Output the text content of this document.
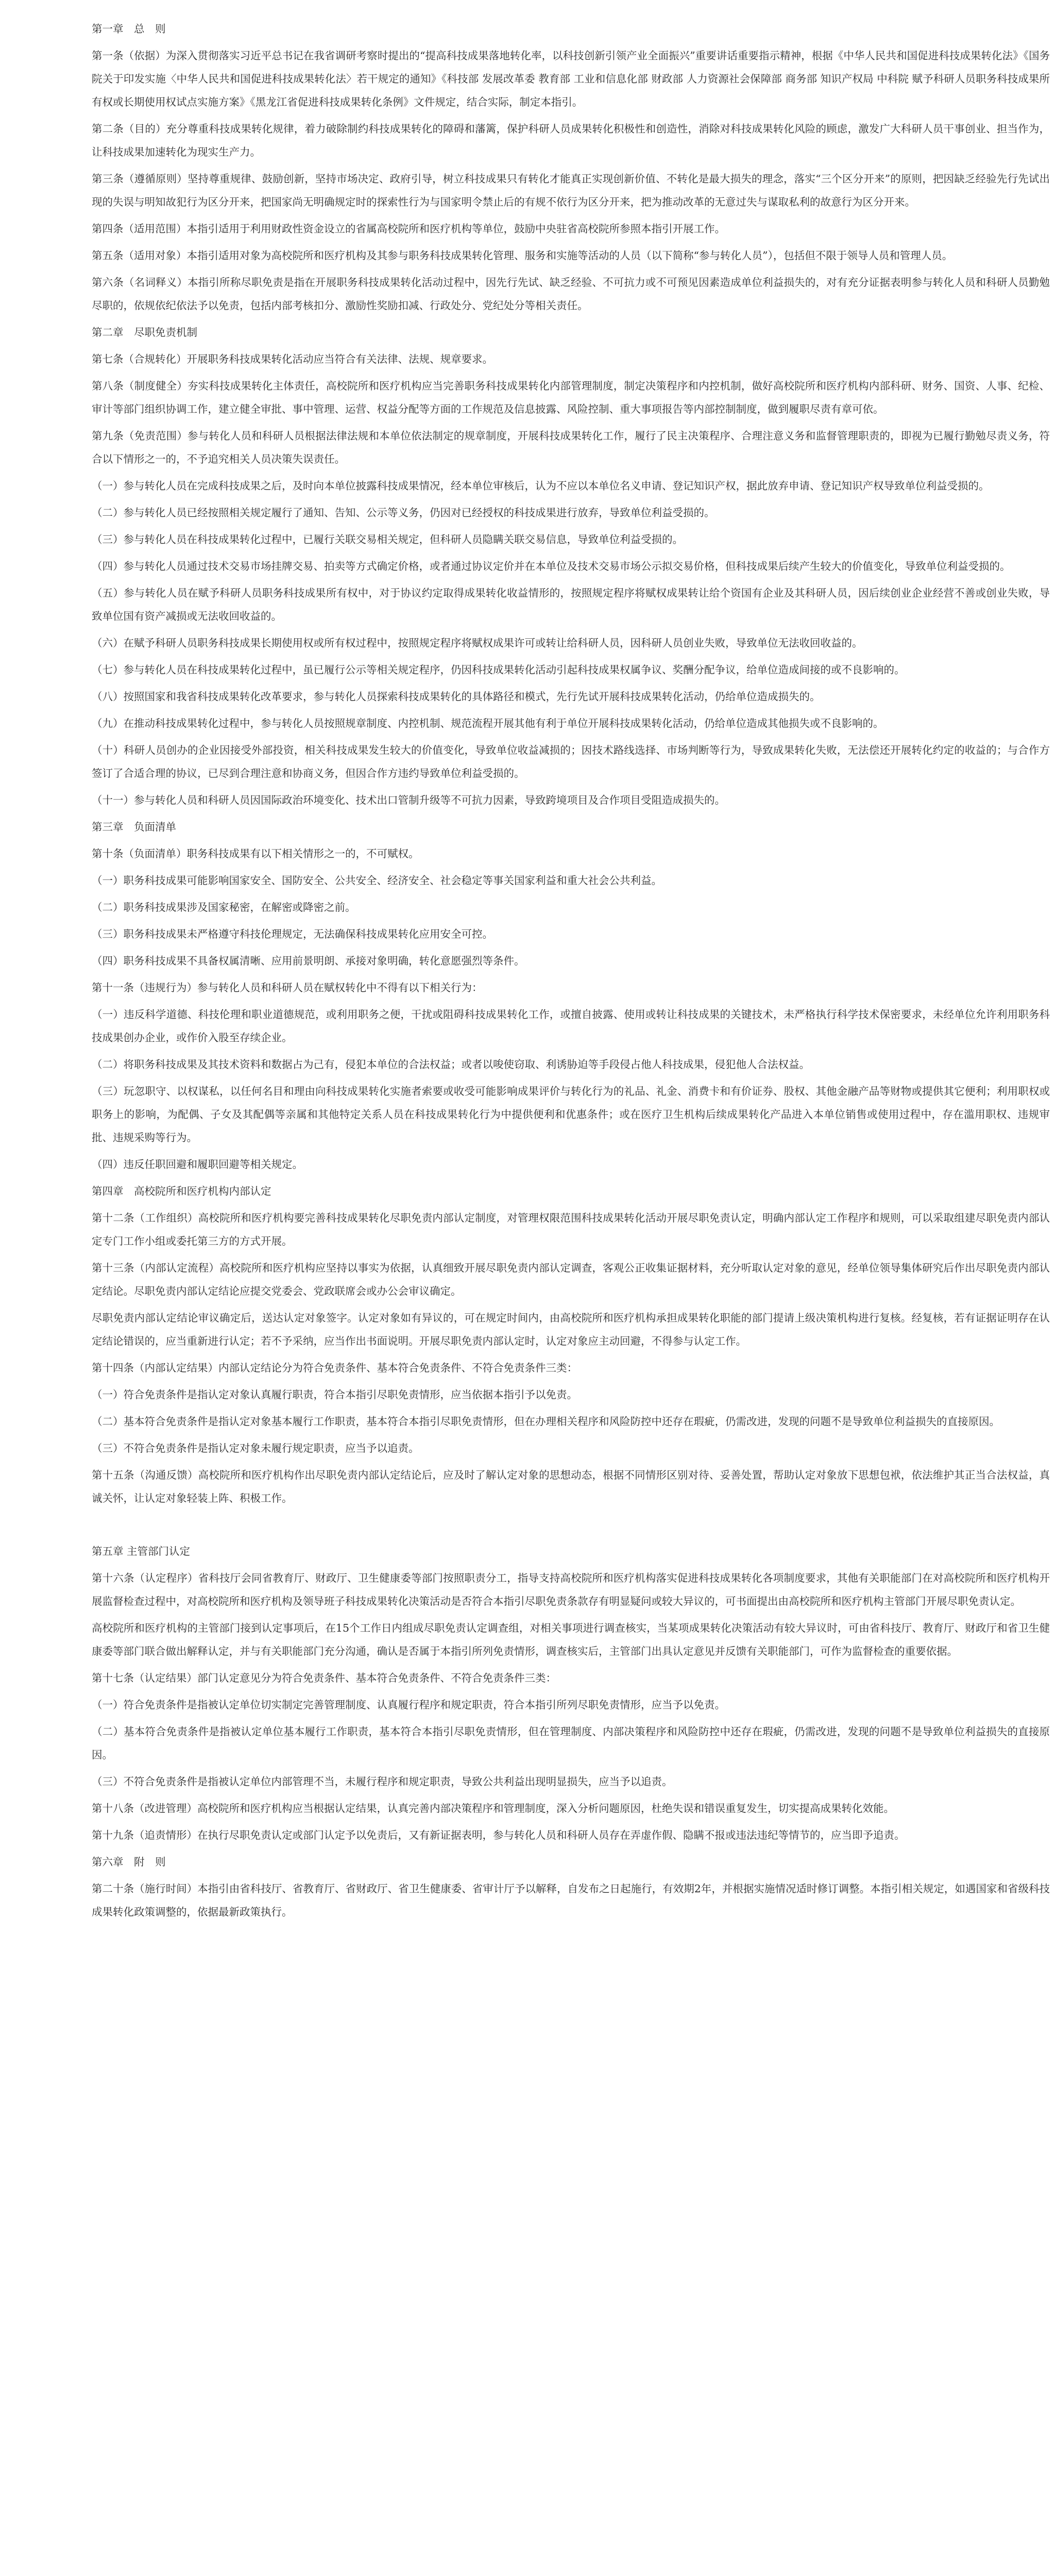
第一章　总　则

第一条（依据）为深入贯彻落实习近平总书记在我省调研考察时提出的“提高科技成果落地转化率，以科技创新引领产业全面振兴”重要讲话重要指示精神，根据《中华人民共和国促进科技成果转化法》《国务院关于印发实施〈中华人民共和国促进科技成果转化法〉若干规定的通知》《科技部 发展改革委 教育部 工业和信息化部 财政部 人力资源社会保障部 商务部 知识产权局 中科院 赋予科研人员职务科技成果所有权或长期使用权试点实施方案》《黑龙江省促进科技成果转化条例》文件规定，结合实际，制定本指引。

第二条（目的）充分尊重科技成果转化规律，着力破除制约科技成果转化的障碍和藩篱，保护科研人员成果转化积极性和创造性，消除对科技成果转化风险的顾虑，激发广大科研人员干事创业、担当作为，让科技成果加速转化为现实生产力。

第三条（遵循原则）坚持尊重规律、鼓励创新，坚持市场决定、政府引导，树立科技成果只有转化才能真正实现创新价值、不转化是最大损失的理念，落实“三个区分开来”的原则，把因缺乏经验先行先试出现的失误与明知故犯行为区分开来，把国家尚无明确规定时的探索性行为与国家明令禁止后的有规不依行为区分开来，把为推动改革的无意过失与谋取私利的故意行为区分开来。

第四条（适用范围）本指引适用于利用财政性资金设立的省属高校院所和医疗机构等单位，鼓励中央驻省高校院所参照本指引开展工作。

第五条（适用对象）本指引适用对象为高校院所和医疗机构及其参与职务科技成果转化管理、服务和实施等活动的人员（以下简称“参与转化人员”），包括但不限于领导人员和管理人员。

第六条（名词释义）本指引所称尽职免责是指在开展职务科技成果转化活动过程中，因先行先试、缺乏经验、不可抗力或不可预见因素造成单位利益损失的，对有充分证据表明参与转化人员和科研人员勤勉尽职的，依规依纪依法予以免责，包括内部考核扣分、激励性奖励扣减、行政处分、党纪处分等相关责任。

第二章　尽职免责机制

第七条（合规转化）开展职务科技成果转化活动应当符合有关法律、法规、规章要求。

第八条（制度健全）夯实科技成果转化主体责任，高校院所和医疗机构应当完善职务科技成果转化内部管理制度，制定决策程序和内控机制，做好高校院所和医疗机构内部科研、财务、国资、人事、纪检、审计等部门组织协调工作，建立健全审批、事中管理、运营、权益分配等方面的工作规范及信息披露、风险控制、重大事项报告等内部控制制度，做到履职尽责有章可依。

第九条（免责范围）参与转化人员和科研人员根据法律法规和本单位依法制定的规章制度，开展科技成果转化工作，履行了民主决策程序、合理注意义务和监督管理职责的，即视为已履行勤勉尽责义务，符合以下情形之一的，不予追究相关人员决策失误责任。

（一）参与转化人员在完成科技成果之后，及时向本单位披露科技成果情况，经本单位审核后，认为不应以本单位名义申请、登记知识产权，据此放弃申请、登记知识产权导致单位利益受损的。

（二）参与转化人员已经按照相关规定履行了通知、告知、公示等义务，仍因对已经授权的科技成果进行放弃，导致单位利益受损的。

（三）参与转化人员在科技成果转化过程中，已履行关联交易相关规定，但科研人员隐瞒关联交易信息，导致单位利益受损的。

（四）参与转化人员通过技术交易市场挂牌交易、拍卖等方式确定价格，或者通过协议定价并在本单位及技术交易市场公示拟交易价格，但科技成果后续产生较大的价值变化，导致单位利益受损的。

（五）参与转化人员在赋予科研人员职务科技成果所有权中，对于协议约定取得成果转化收益情形的，按照规定程序将赋权成果转让给个资国有企业及其科研人员，因后续创业企业经营不善或创业失败，导致单位国有资产减损或无法收回收益的。

（六）在赋予科研人员职务科技成果长期使用权或所有权过程中，按照规定程序将赋权成果许可或转让给科研人员，因科研人员创业失败，导致单位无法收回收益的。

（七）参与转化人员在科技成果转化过程中，虽已履行公示等相关规定程序，仍因科技成果转化活动引起科技成果权属争议、奖酬分配争议，给单位造成间接的或不良影响的。

（八）按照国家和我省科技成果转化改革要求，参与转化人员探索科技成果转化的具体路径和模式，先行先试开展科技成果转化活动，仍给单位造成损失的。

（九）在推动科技成果转化过程中，参与转化人员按照规章制度、内控机制、规范流程开展其他有利于单位开展科技成果转化活动，仍给单位造成其他损失或不良影响的。

（十）科研人员创办的企业因接受外部投资，相关科技成果发生较大的价值变化，导致单位收益减损的；因技术路线选择、市场判断等行为，导致成果转化失败，无法偿还开展转化约定的收益的；与合作方签订了合适合理的协议，已尽到合理注意和协商义务，但因合作方违约导致单位利益受损的。

（十一）参与转化人员和科研人员因国际政治环境变化、技术出口管制升级等不可抗力因素，导致跨境项目及合作项目受阻造成损失的。

第三章　负面清单

第十条（负面清单）职务科技成果有以下相关情形之一的，不可赋权。

（一）职务科技成果可能影响国家安全、国防安全、公共安全、经济安全、社会稳定等事关国家利益和重大社会公共利益。

（二）职务科技成果涉及国家秘密，在解密或降密之前。

（三）职务科技成果未严格遵守科技伦理规定，无法确保科技成果转化应用安全可控。

（四）职务科技成果不具备权属清晰、应用前景明朗、承接对象明确，转化意愿强烈等条件。

第十一条（违规行为）参与转化人员和科研人员在赋权转化中不得有以下相关行为：

（一）违反科学道德、科技伦理和职业道德规范，或利用职务之便，干扰或阻碍科技成果转化工作，或擅自披露、使用或转让科技成果的关键技术，未严格执行科学技术保密要求，未经单位允许利用职务科技成果创办企业，或作价入股至存续企业。

（二）将职务科技成果及其技术资料和数据占为己有，侵犯本单位的合法权益；或者以唆使窃取、利诱胁迫等手段侵占他人科技成果，侵犯他人合法权益。

（三）玩忽职守、以权谋私，以任何名目和理由向科技成果转化实施者索要或收受可能影响成果评价与转化行为的礼品、礼金、消费卡和有价证券、股权、其他金融产品等财物或提供其它便利；利用职权或职务上的影响，为配偶、子女及其配偶等亲属和其他特定关系人员在科技成果转化行为中提供便利和优惠条件；或在医疗卫生机构后续成果转化产品进入本单位销售或使用过程中，存在滥用职权、违规审批、违规采购等行为。

（四）违反任职回避和履职回避等相关规定。

第四章　高校院所和医疗机构内部认定

第十二条（工作组织）高校院所和医疗机构要完善科技成果转化尽职免责内部认定制度，对管理权限范围科技成果转化活动开展尽职免责认定，明确内部认定工作程序和规则，可以采取组建尽职免责内部认定专门工作小组或委托第三方的方式开展。

第十三条（内部认定流程）高校院所和医疗机构应坚持以事实为依据，认真细致开展尽职免责内部认定调查，客观公正收集证据材料，充分听取认定对象的意见，经单位领导集体研究后作出尽职免责内部认定结论。尽职免责内部认定结论应提交党委会、党政联席会或办公会审议确定。

尽职免责内部认定结论审议确定后，送达认定对象签字。认定对象如有异议的，可在规定时间内，由高校院所和医疗机构承担成果转化职能的部门提请上级决策机构进行复核。经复核，若有证据证明存在认定结论错误的，应当重新进行认定；若不予采纳，应当作出书面说明。开展尽职免责内部认定时，认定对象应主动回避，不得参与认定工作。

第十四条（内部认定结果）内部认定结论分为符合免责条件、基本符合免责条件、不符合免责条件三类：

（一）符合免责条件是指认定对象认真履行职责，符合本指引尽职免责情形，应当依据本指引予以免责。

（二）基本符合免责条件是指认定对象基本履行工作职责，基本符合本指引尽职免责情形，但在办理相关程序和风险防控中还存在瑕疵，仍需改进，发现的问题不是导致单位利益损失的直接原因。

（三）不符合免责条件是指认定对象未履行规定职责，应当予以追责。

第十五条（沟通反馈）高校院所和医疗机构作出尽职免责内部认定结论后，应及时了解认定对象的思想动态，根据不同情形区别对待、妥善处置，帮助认定对象放下思想包袱，依法维护其正当合法权益，真诚关怀，让认定对象轻装上阵、积极工作。

第五章 主管部门认定

第十六条（认定程序）省科技厅会同省教育厅、财政厅、卫生健康委等部门按照职责分工，指导支持高校院所和医疗机构落实促进科技成果转化各项制度要求，其他有关职能部门在对高校院所和医疗机构开展监督检查过程中，对高校院所和医疗机构及领导班子科技成果转化决策活动是否符合本指引尽职免责条款存有明显疑问或较大异议的，可书面提出由高校院所和医疗机构主管部门开展尽职免责认定。

高校院所和医疗机构的主管部门接到认定事项后，在15个工作日内组成尽职免责认定调查组，对相关事项进行调查核实，当某项成果转化决策活动有较大异议时，可由省科技厅、教育厅、财政厅和省卫生健康委等部门联合做出解释认定，并与有关职能部门充分沟通，确认是否属于本指引所列免责情形，调查核实后，主管部门出具认定意见并反馈有关职能部门，可作为监督检查的重要依据。

第十七条（认定结果）部门认定意见分为符合免责条件、基本符合免责条件、不符合免责条件三类：

（一）符合免责条件是指被认定单位切实制定完善管理制度、认真履行程序和规定职责，符合本指引所列尽职免责情形，应当予以免责。

（二）基本符合免责条件是指被认定单位基本履行工作职责，基本符合本指引尽职免责情形，但在管理制度、内部决策程序和风险防控中还存在瑕疵，仍需改进，发现的问题不是导致单位利益损失的直接原因。

（三）不符合免责条件是指被认定单位内部管理不当，未履行程序和规定职责，导致公共利益出现明显损失，应当予以追责。

第十八条（改进管理）高校院所和医疗机构应当根据认定结果，认真完善内部决策程序和管理制度，深入分析问题原因，杜绝失误和错误重复发生，切实提高成果转化效能。

第十九条（追责情形）在执行尽职免责认定或部门认定予以免责后，又有新证据表明，参与转化人员和科研人员存在弄虚作假、隐瞒不报或违法违纪等情节的，应当即予追责。

第六章　附　则

第二十条（施行时间）本指引由省科技厅、省教育厅、省财政厅、省卫生健康委、省审计厅予以解释，自发布之日起施行，有效期2年，并根据实施情况适时修订调整。本指引相关规定，如遇国家和省级科技成果转化政策调整的，依据最新政策执行。
